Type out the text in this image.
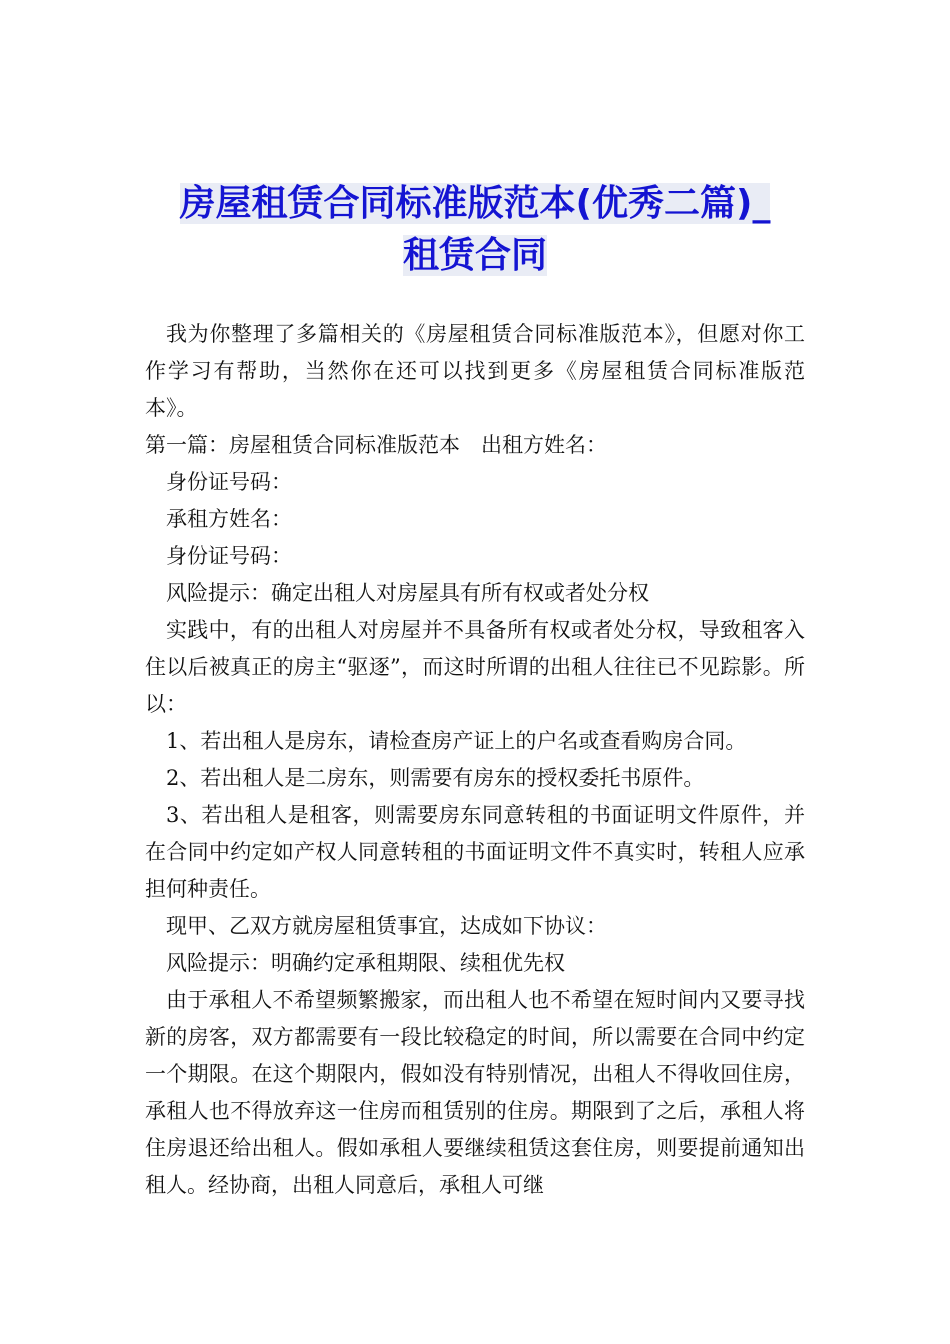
房屋租赁合同标准版范本(优秀二篇)_
租赁合同

我为你整理了多篇相关的《房屋租赁合同标准版范本》，但愿对你工作学习有帮助，当然你在还可以找到更多《房屋租赁合同标准版范本》。

第一篇：房屋租赁合同标准版范本　出租方姓名：

身份证号码：

承租方姓名：

身份证号码：

风险提示：确定出租人对房屋具有所有权或者处分权

实践中，有的出租人对房屋并不具备所有权或者处分权，导致租客入住以后被真正的房主“驱逐”，而这时所谓的出租人往往已不见踪影。所以：

1、若出租人是房东，请检查房产证上的户名或查看购房合同。

2、若出租人是二房东，则需要有房东的授权委托书原件。

3、若出租人是租客，则需要房东同意转租的书面证明文件原件，并在合同中约定如产权人同意转租的书面证明文件不真实时，转租人应承担何种责任。

现甲、乙双方就房屋租赁事宜，达成如下协议：

风险提示：明确约定承租期限、续租优先权

由于承租人不希望频繁搬家，而出租人也不希望在短时间内又要寻找新的房客，双方都需要有一段比较稳定的时间，所以需要在合同中约定一个期限。在这个期限内，假如没有特别情况，出租人不得收回住房，承租人也不得放弃这一住房而租赁别的住房。期限到了之后，承租人将住房退还给出租人。假如承租人要继续租赁这套住房，则要提前通知出租人。经协商，出租人同意后，承租人可继
